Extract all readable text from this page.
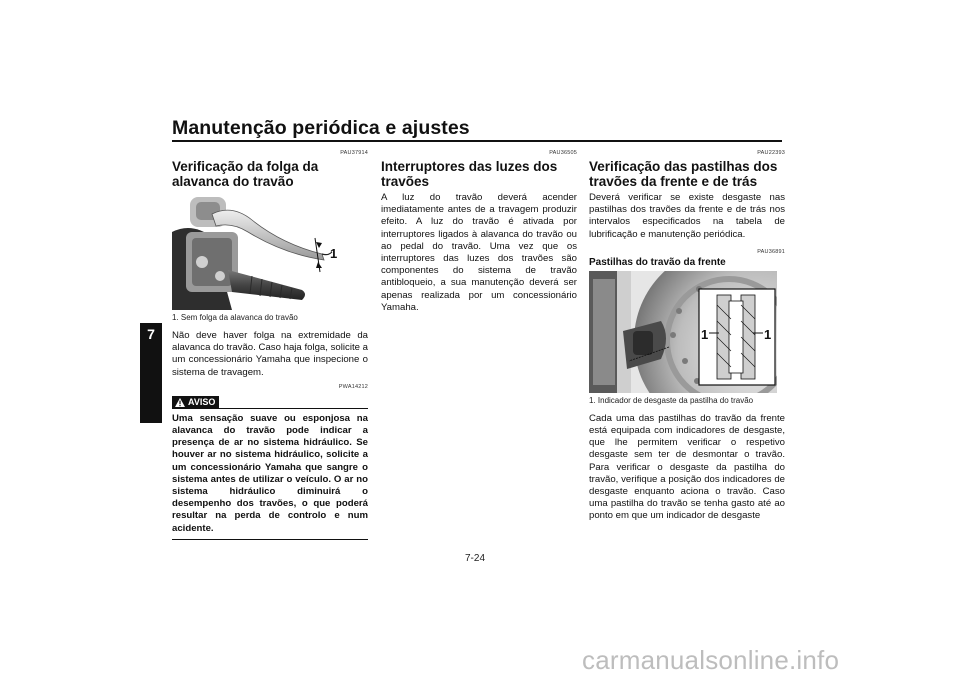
Manutenção periódica e ajustes
7
PAU37914
Verificação da folga da alavanca do travão
1
1. Sem folga da alavanca do travão

Não deve haver folga na extremidade da alavanca do travão. Caso haja folga, solicite a um concessionário Yamaha que inspecione o sistema de travagem.

PWA14212
AVISO

Uma sensação suave ou esponjosa na alavanca do travão pode indicar a presença de ar no sistema hidráulico. Se houver ar no sistema hidráulico, solicite a um concessionário Yamaha que sangre o sistema antes de utilizar o veículo. O ar no sistema hidráulico diminuirá o desempenho dos travões, o que poderá resultar na perda de controlo e num acidente.

PAU36505
Interruptores das luzes dos travões

A luz do travão deverá acender imediatamente antes de a travagem produzir efeito. A luz do travão é ativada por interruptores ligados à alavanca do travão ou ao pedal do travão. Uma vez que os interruptores das luzes dos travões são componentes do sistema de travão antibloqueio, a sua manutenção deverá ser apenas realizada por um concessionário Yamaha.

PAU22393
Verificação das pastilhas dos travões da frente e de trás

Deverá verificar se existe desgaste nas pastilhas dos travões da frente e de trás nos intervalos especificados na tabela de lubrificação e manutenção periódica.

PAU36891
Pastilhas do travão da frente
1	1
1. Indicador de desgaste da pastilha do travão

Cada uma das pastilhas do travão da frente está equipada com indicadores de desgaste, que lhe permitem verificar o respetivo desgaste sem ter de desmontar o travão. Para verificar o desgaste da pastilha do travão, verifique a posição dos indicadores de desgaste enquanto aciona o travão. Caso uma pastilha do travão se tenha gasto até ao ponto em que um indicador de desgaste

7-24
carmanualsonline.info
